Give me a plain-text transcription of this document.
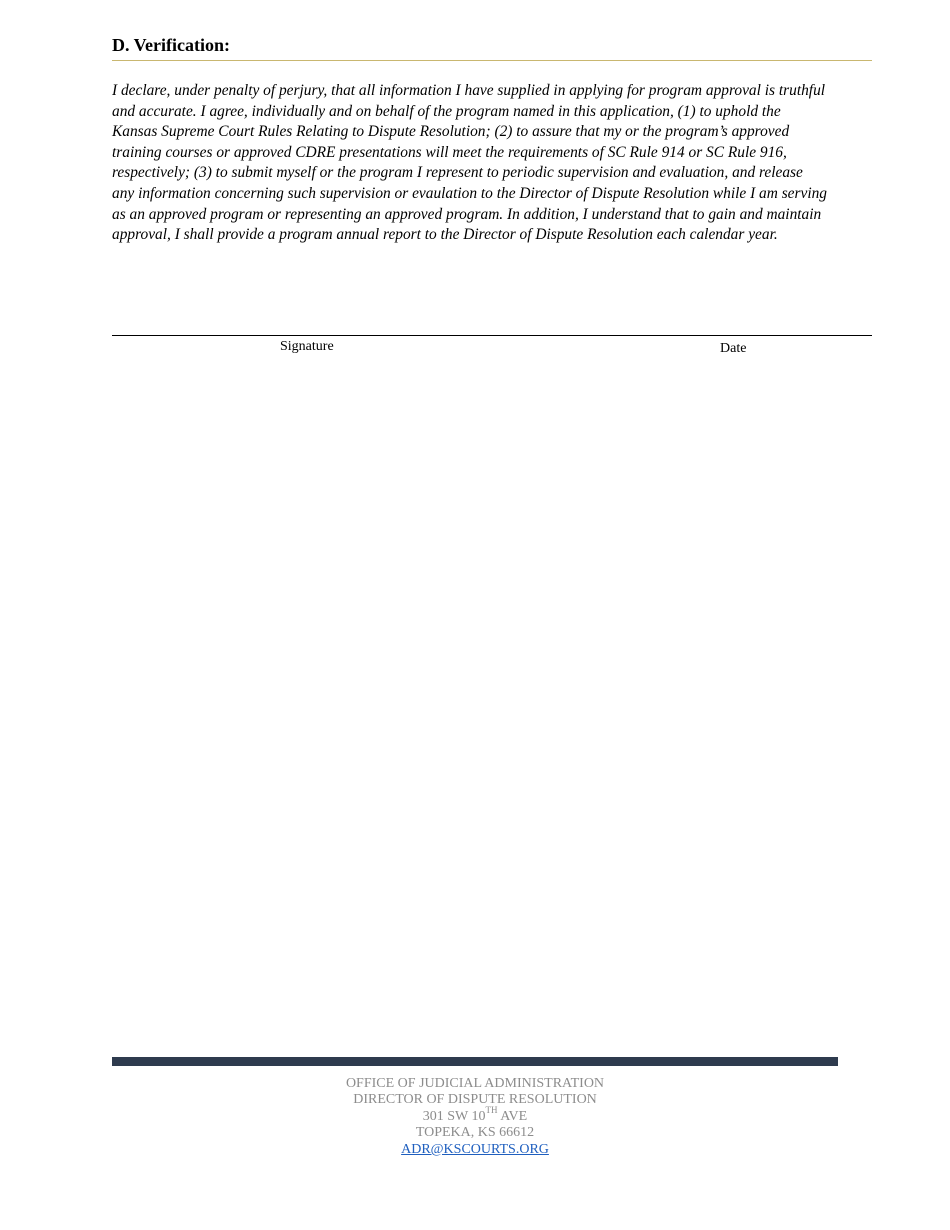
D. Verification:

I declare, under penalty of perjury, that all information I have supplied in applying for program approval is truthful
and accurate. I agree, individually and on behalf of the program named in this application, (1) to uphold the
Kansas Supreme Court Rules Relating to Dispute Resolution; (2) to assure that my or the program’s approved
training courses or approved CDRE presentations will meet the requirements of SC Rule 914 or SC Rule 916,
respectively; (3) to submit myself or the program I represent to periodic supervision and evaluation, and release
any information concerning such supervision or evaulation to the Director of Dispute Resolution while I am serving
as an approved program or representing an approved program. In addition, I understand that to gain and maintain
approval, I shall provide a program annual report to the Director of Dispute Resolution each calendar year.

Signature	Date
OFFICE OF JUDICIAL ADMINISTRATION
DIRECTOR OF DISPUTE RESOLUTION
301 SW 10TH AVE
TOPEKA, KS 66612
ADR@KSCOURTS.ORG
